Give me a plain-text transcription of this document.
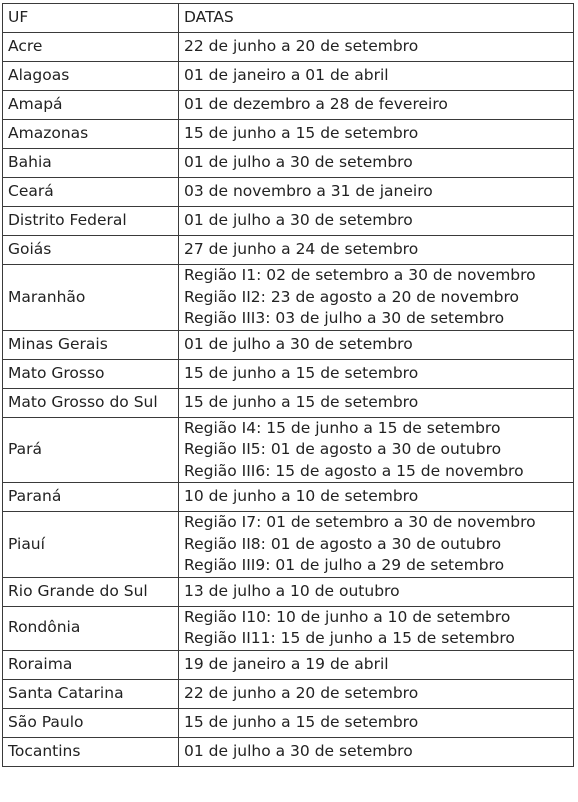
UF	DATAS
Acre	22 de junho a 20 de setembro

Alagoas	01 de janeiro a 01 de abril

Amapá	01 de dezembro a 28 de fevereiro

Amazonas	15 de junho a 15 de setembro

Bahia	01 de julho a 30 de setembro

Ceará	03 de novembro a 31 de janeiro

Distrito Federal	01 de julho a 30 de setembro

Goiás	27 de junho a 24 de setembro

Maranhão	Região I1: 02 de setembro a 30 de novembro
Região II2: 23 de agosto a 20 de novembro
Região III3: 03 de julho a 30 de setembro

Minas Gerais	01 de julho a 30 de setembro

Mato Grosso	15 de junho a 15 de setembro

Mato Grosso do Sul	15 de junho a 15 de setembro

Pará	Região I4: 15 de junho a 15 de setembro
Região II5: 01 de agosto a 30 de outubro
Região III6: 15 de agosto a 15 de novembro

Paraná	10 de junho a 10 de setembro

Piauí	Região I7: 01 de setembro a 30 de novembro
Região II8: 01 de agosto a 30 de outubro
Região III9: 01 de julho a 29 de setembro

Rio Grande do Sul	13 de julho a 10 de outubro

Rondônia	Região I10: 10 de junho a 10 de setembro
Região II11: 15 de junho a 15 de setembro

Roraima	19 de janeiro a 19 de abril

Santa Catarina	22 de junho a 20 de setembro

São Paulo	15 de junho a 15 de setembro

Tocantins	01 de julho a 30 de setembro
